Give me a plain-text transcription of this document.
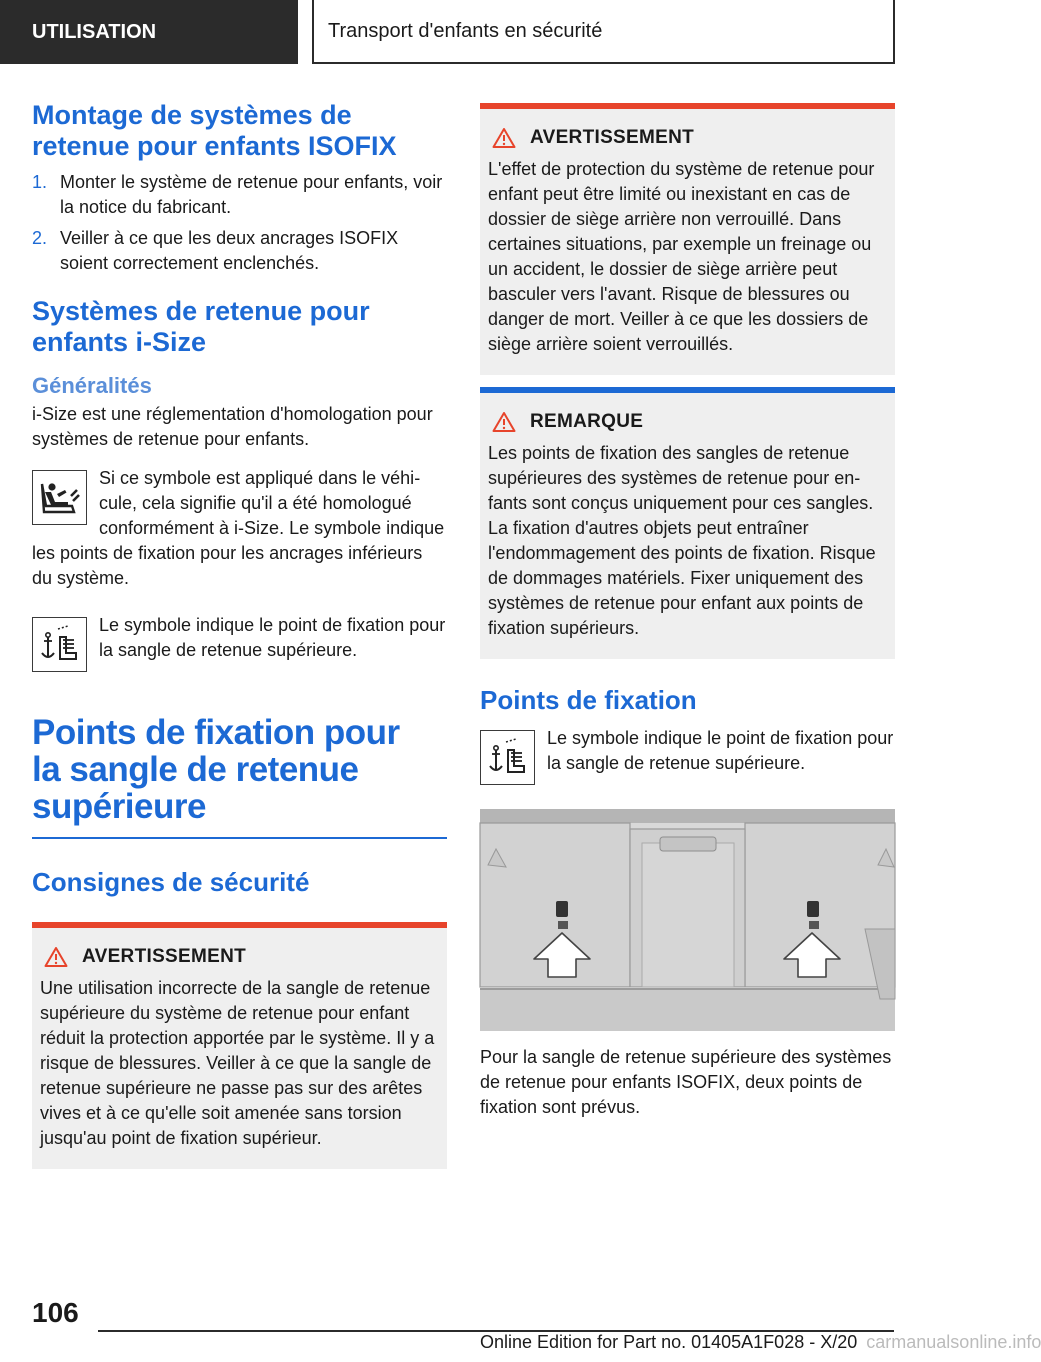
UTILISATION	Transport d'enfants en sécurité
Montage de systèmes de retenue pour enfants ISOFIX
1. Monter le système de retenue pour enfants, voir la notice du fabricant.
2. Veiller à ce que les deux ancrages ISOFIX soient correctement enclenchés.
Systèmes de retenue pour enfants i-Size
Généralités

i-Size est une réglementation d'homologation pour systèmes de retenue pour enfants.

Si ce symbole est appliqué dans le véhicule, cela signifie qu'il a été homologué conformément à i-Size. Le symbole indique les points de fixation pour les ancrages inférieurs du système.

Le symbole indique le point de fixation pour la sangle de retenue supérieure.

Points de fixation pour la sangle de retenue supérieure
Consignes de sécurité
AVERTISSEMENT

Une utilisation incorrecte de la sangle de retenue supérieure du système de retenue pour enfant réduit la protection apportée par le système. Il y a risque de blessures. Veiller à ce que la sangle de retenue supérieure ne passe pas sur des arêtes vives et à ce qu'elle soit amenée sans torsion jusqu'au point de fixation supérieur.

AVERTISSEMENT

L'effet de protection du système de retenue pour enfant peut être limité ou inexistant en cas de dossier de siège arrière non verrouillé. Dans certaines situations, par exemple un freinage ou un accident, le dossier de siège arrière peut basculer vers l'avant. Risque de blessures ou danger de mort. Veiller à ce que les dossiers de siège arrière soient verrouillés.

REMARQUE

Les points de fixation des sangles de retenue supérieures des systèmes de retenue pour enfants sont conçus uniquement pour ces sangles. La fixation d'autres objets peut entraîner l'endommagement des points de fixation. Risque de dommages matériels. Fixer uniquement des systèmes de retenue pour enfant aux points de fixation supérieurs.

Points de fixation

Le symbole indique le point de fixation pour la sangle de retenue supérieure.

Pour la sangle de retenue supérieure des systèmes de retenue pour enfants ISOFIX, deux points de fixation sont prévus.

106
Online Edition for Part no. 01405A1F028 - X/20 carmanualsonline.info
